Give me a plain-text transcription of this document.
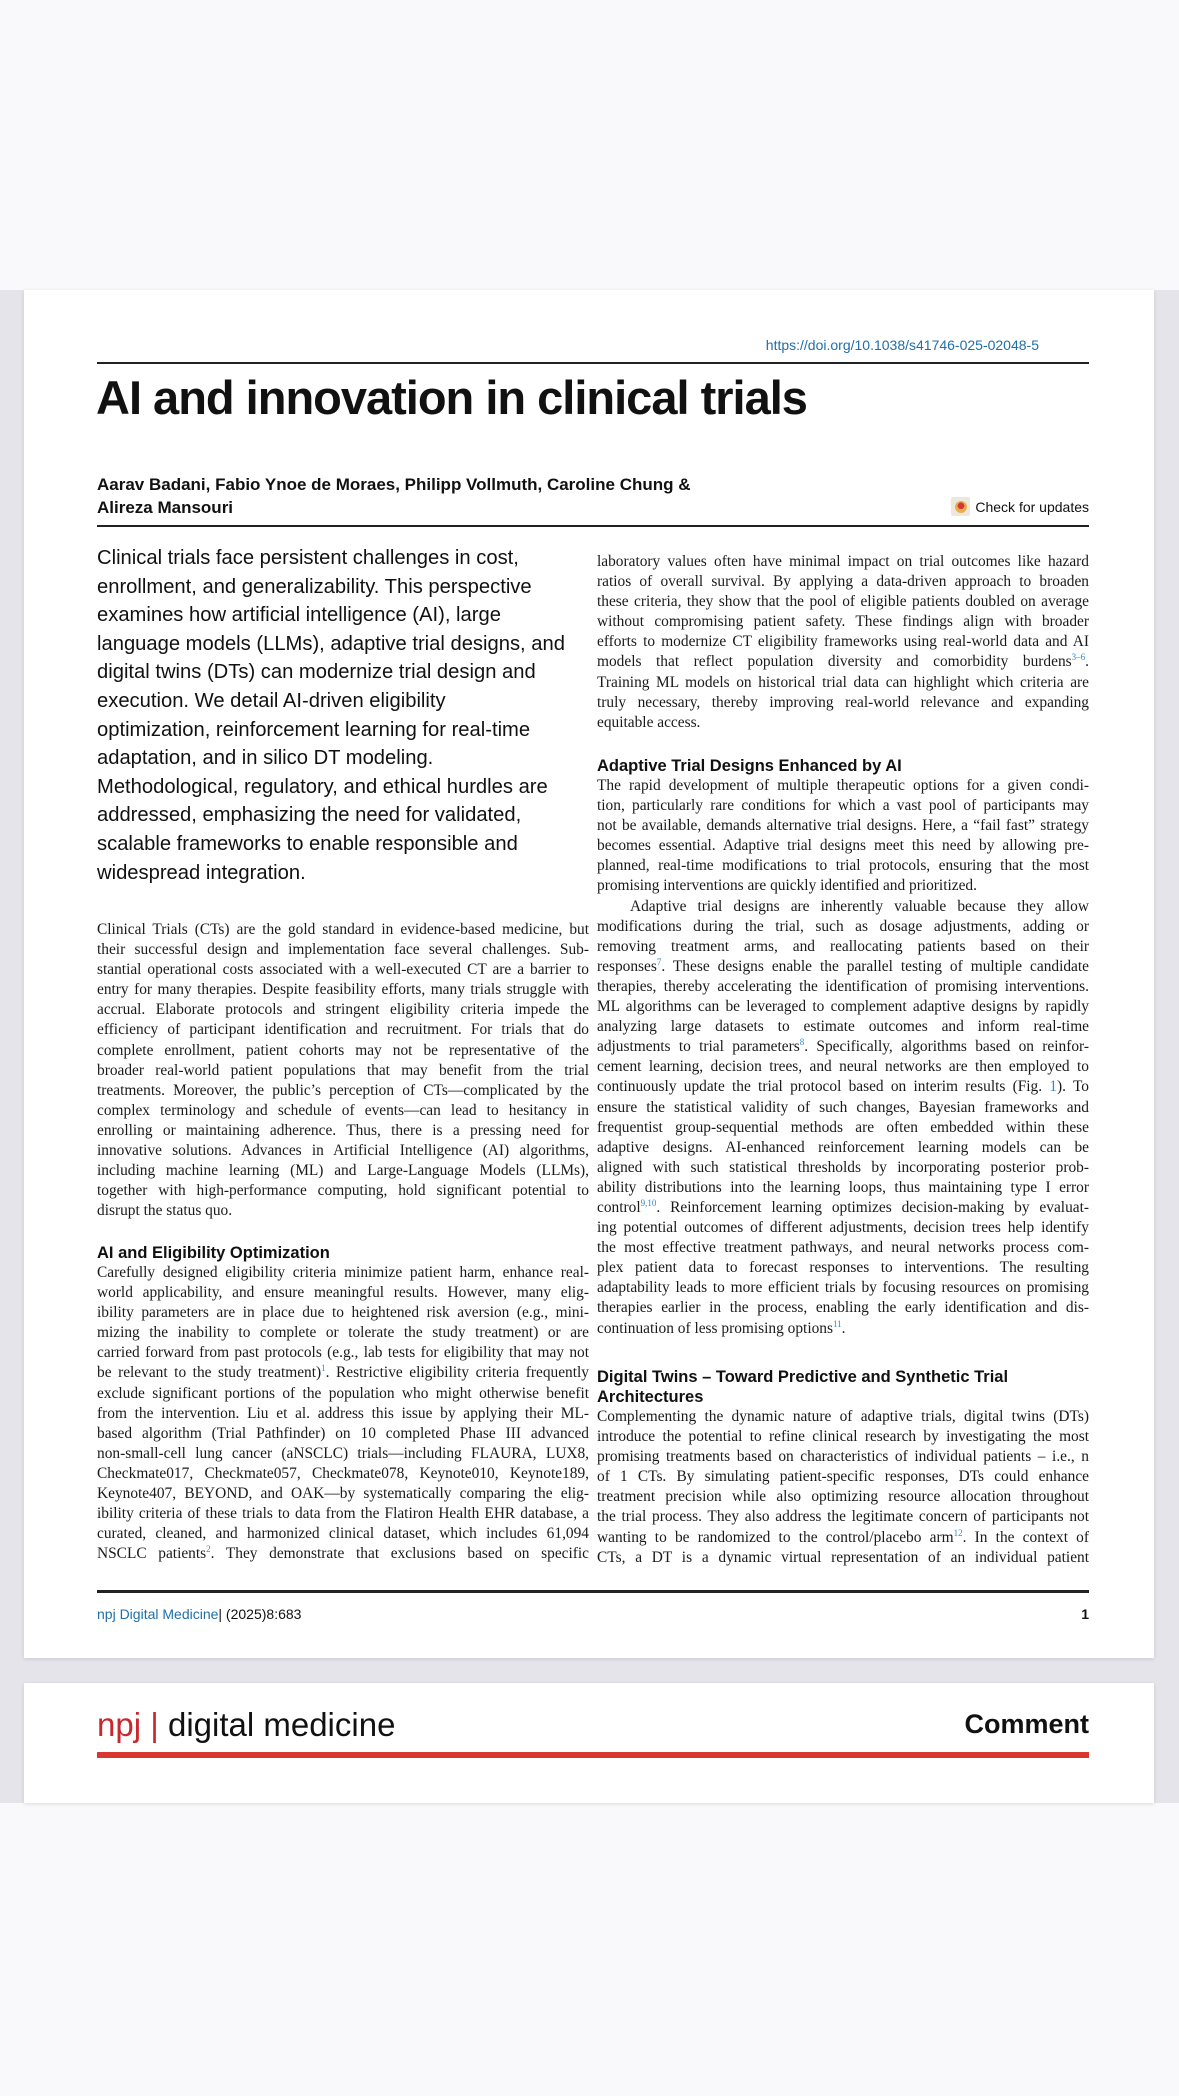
https://doi.org/10.1038/s41746-025-02048-5
AI and innovation in clinical trials
Aarav Badani, Fabio Ynoe de Moraes, Philipp Vollmuth, Caroline Chung &
Alireza Mansouri	Check for updates
Clinical trials face persistent challenges in cost,
enrollment, and generalizability. This perspective
examines how artificial intelligence (AI), large
language models (LLMs), adaptive trial designs, and
digital twins (DTs) can modernize trial design and
execution. We detail AI-driven eligibility
optimization, reinforcement learning for real-time
adaptation, and in silico DT modeling.
Methodological, regulatory, and ethical hurdles are
addressed, emphasizing the need for validated,
scalable frameworks to enable responsible and
widespread integration.
Clinical Trials (CTs) are the gold standard in evidence-based medicine, but
their successful design and implementation face several challenges. Sub-
stantial operational costs associated with a well-executed CT are a barrier to
entry for many therapies. Despite feasibility efforts, many trials struggle with
accrual. Elaborate protocols and stringent eligibility criteria impede the
efficiency of participant identification and recruitment. For trials that do
complete enrollment, patient cohorts may not be representative of the
broader real-world patient populations that may benefit from the trial
treatments. Moreover, the public’s perception of CTs—complicated by the
complex terminology and schedule of events—can lead to hesitancy in
enrolling or maintaining adherence. Thus, there is a pressing need for
innovative solutions. Advances in Artificial Intelligence (AI) algorithms,
including machine learning (ML) and Large-Language Models (LLMs),
together with high-performance computing, hold significant potential to
disrupt the status quo.
AI and Eligibility Optimization
Carefully designed eligibility criteria minimize patient harm, enhance real-
world applicability, and ensure meaningful results. However, many elig-
ibility parameters are in place due to heightened risk aversion (e.g., mini-
mizing the inability to complete or tolerate the study treatment) or are
carried forward from past protocols (e.g., lab tests for eligibility that may not
be relevant to the study treatment)$^1$. Restrictive eligibility criteria frequently
exclude significant portions of the population who might otherwise benefit
from the intervention. Liu et al. address this issue by applying their ML-
based algorithm (Trial Pathfinder) on 10 completed Phase III advanced
non-small-cell lung cancer (aNSCLC) trials—including FLAURA, LUX8,
Checkmate017, Checkmate057, Checkmate078, Keynote010, Keynote189,
Keynote407, BEYOND, and OAK—by systematically comparing the elig-
ibility criteria of these trials to data from the Flatiron Health EHR database, a
curated, cleaned, and harmonized clinical dataset, which includes 61,094
NSCLC patients$^2$. They demonstrate that exclusions based on specific
laboratory values often have minimal impact on trial outcomes like hazard
ratios of overall survival. By applying a data-driven approach to broaden
these criteria, they show that the pool of eligible patients doubled on average
without compromising patient safety. These findings align with broader
efforts to modernize CT eligibility frameworks using real-world data and AI
models that reflect population diversity and comorbidity burdens$^{3-6}$.
Training ML models on historical trial data can highlight which criteria are
truly necessary, thereby improving real-world relevance and expanding
equitable access.
Adaptive Trial Designs Enhanced by AI
The rapid development of multiple therapeutic options for a given condi-
tion, particularly rare conditions for which a vast pool of participants may
not be available, demands alternative trial designs. Here, a “fail fast” strategy
becomes essential. Adaptive trial designs meet this need by allowing pre-
planned, real-time modifications to trial protocols, ensuring that the most
promising interventions are quickly identified and prioritized.
Adaptive trial designs are inherently valuable because they allow
modifications during the trial, such as dosage adjustments, adding or
removing treatment arms, and reallocating patients based on their
responses$^7$. These designs enable the parallel testing of multiple candidate
therapies, thereby accelerating the identification of promising interventions.
ML algorithms can be leveraged to complement adaptive designs by rapidly
analyzing large datasets to estimate outcomes and inform real-time
adjustments to trial parameters$^8$. Specifically, algorithms based on reinfor-
cement learning, decision trees, and neural networks are then employed to
continuously update the trial protocol based on interim results (Fig. 1). To
ensure the statistical validity of such changes, Bayesian frameworks and
frequentist group-sequential methods are often embedded within these
adaptive designs. AI-enhanced reinforcement learning models can be
aligned with such statistical thresholds by incorporating posterior prob-
ability distributions into the learning loops, thus maintaining type I error
control$^{9,10}$. Reinforcement learning optimizes decision-making by evaluat-
ing potential outcomes of different adjustments, decision trees help identify
the most effective treatment pathways, and neural networks process com-
plex patient data to forecast responses to interventions. The resulting
adaptability leads to more efficient trials by focusing resources on promising
therapies earlier in the process, enabling the early identification and dis-
continuation of less promising options$^{11}$.
Digital Twins – Toward Predictive and Synthetic Trial
Architectures
Complementing the dynamic nature of adaptive trials, digital twins (DTs)
introduce the potential to refine clinical research by investigating the most
promising treatments based on characteristics of individual patients – i.e., n
of 1 CTs. By simulating patient-specific responses, DTs could enhance
treatment precision while also optimizing resource allocation throughout
the trial process. They also address the legitimate concern of participants not
wanting to be randomized to the control/placebo arm$^{12}$. In the context of
CTs, a DT is a dynamic virtual representation of an individual patient
npj Digital Medicine| (2025)8:683	1
npj | digital medicine	Comment
